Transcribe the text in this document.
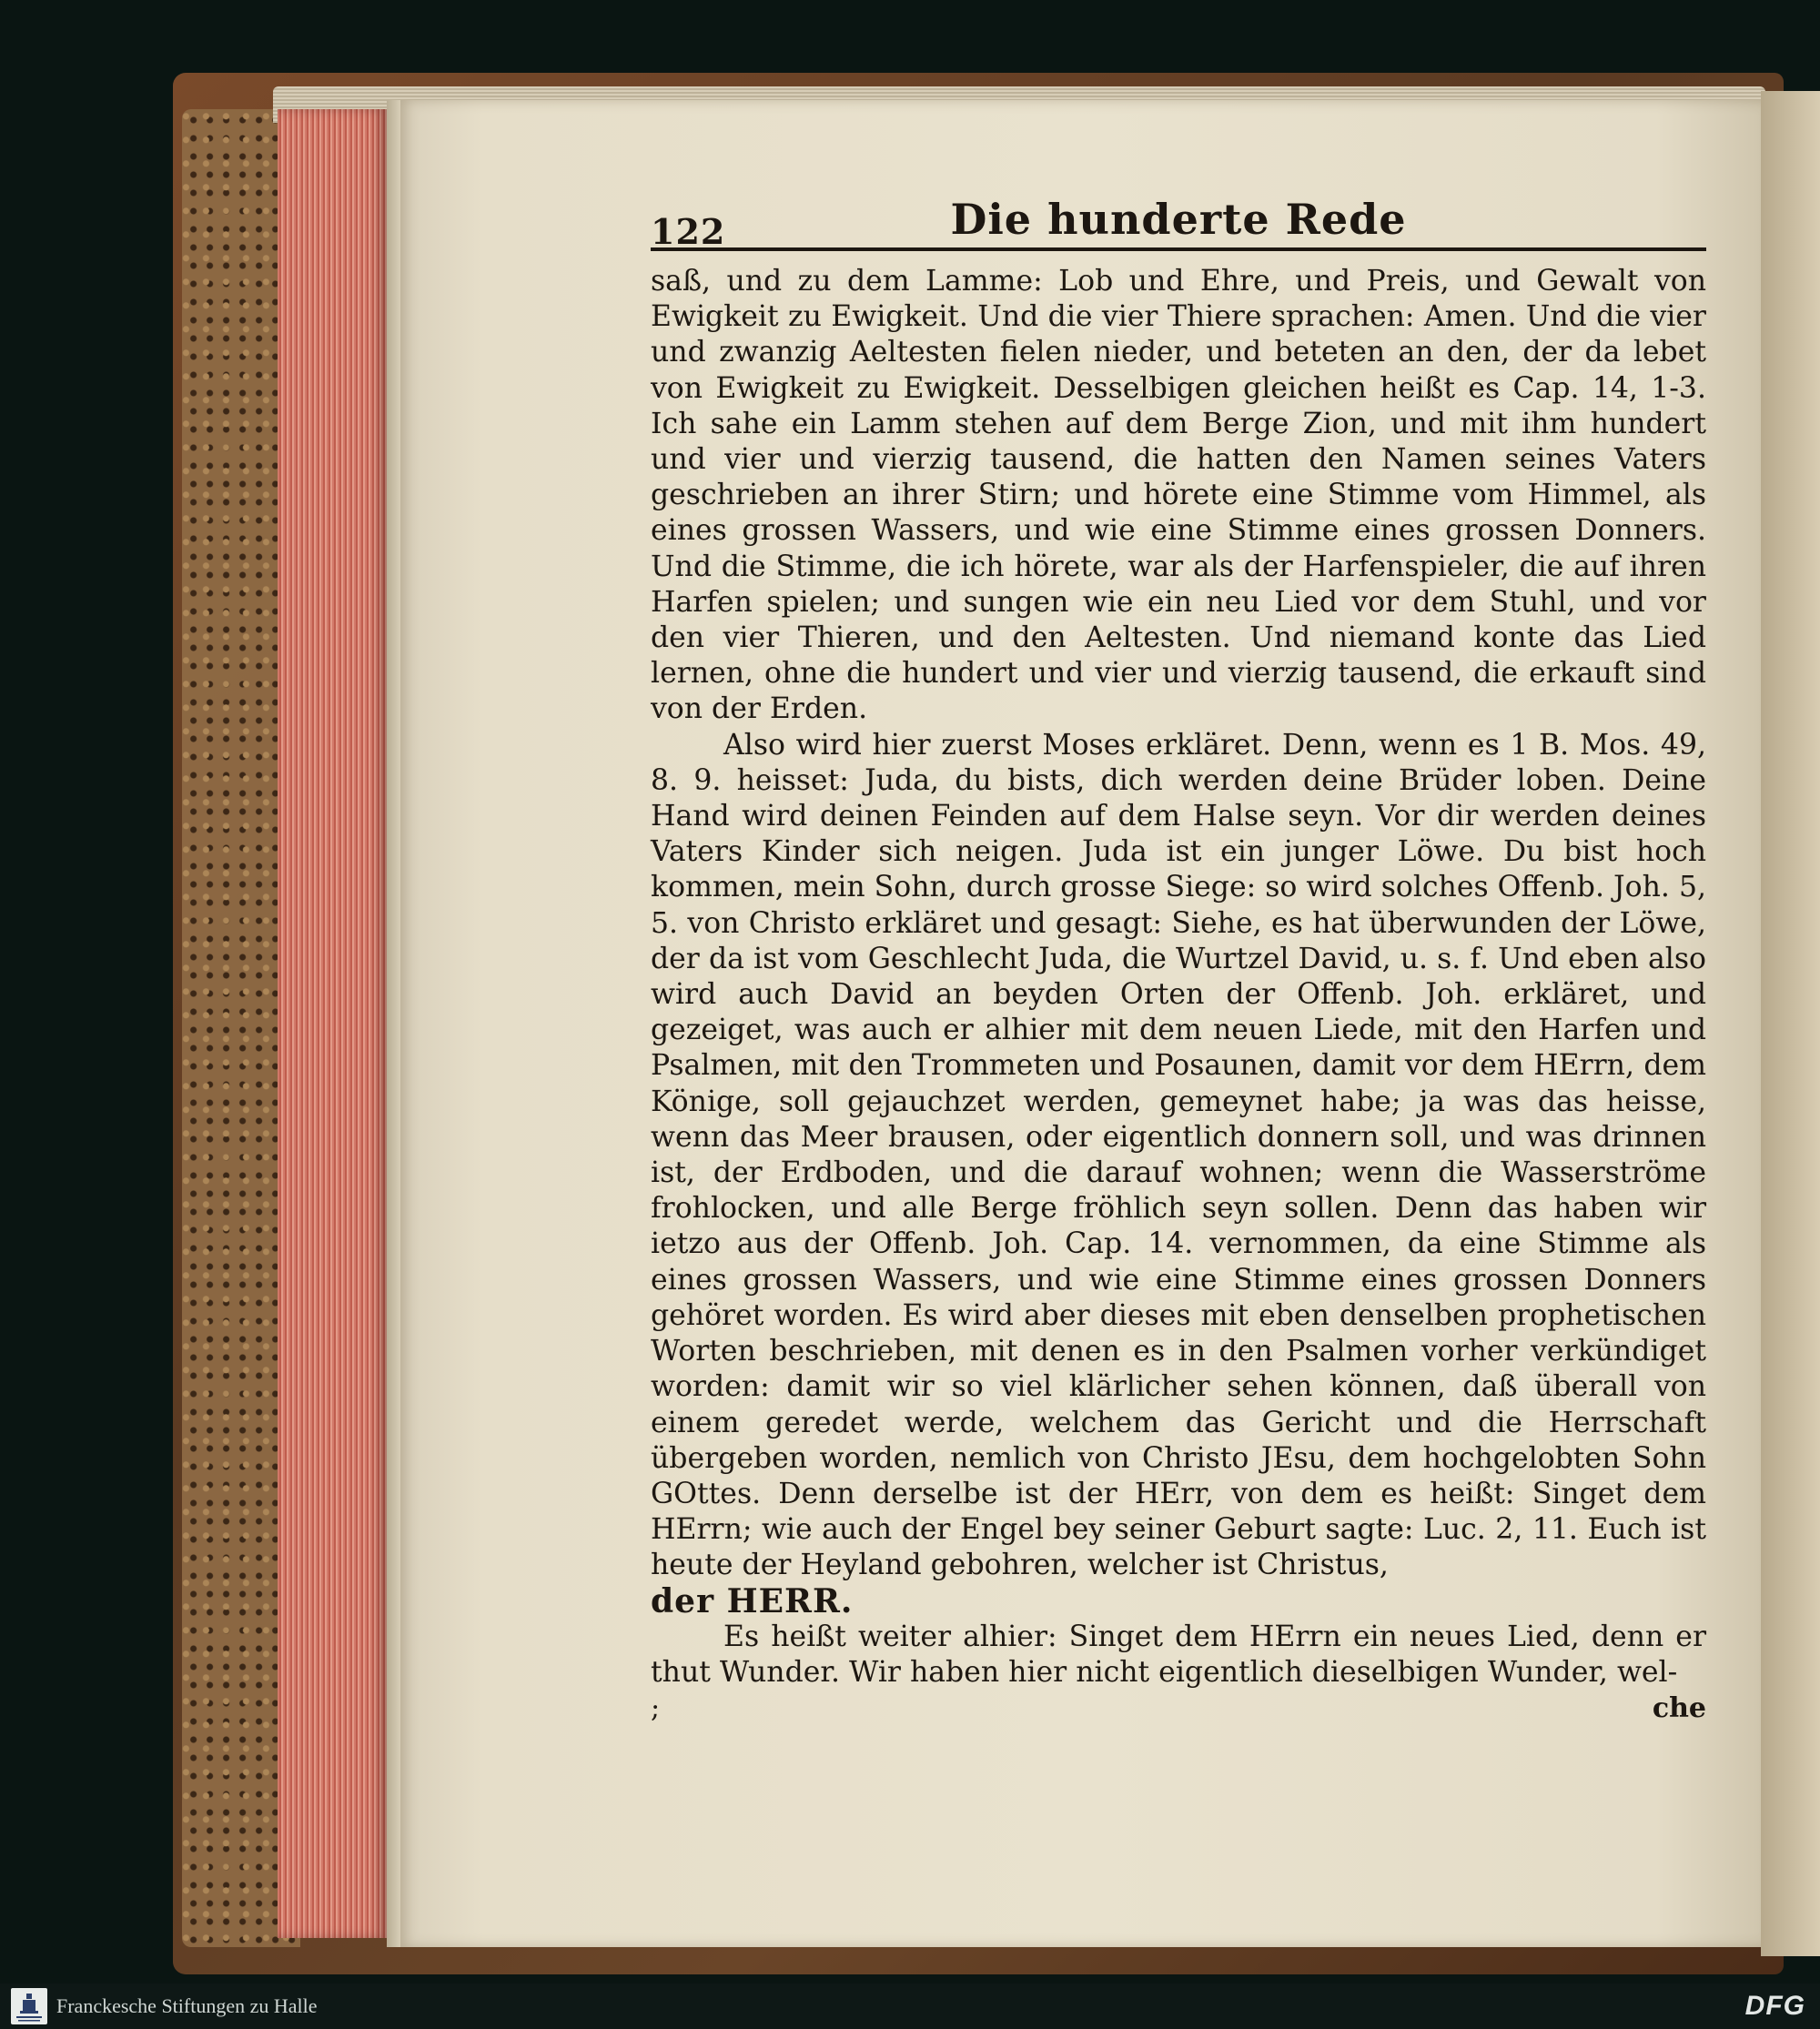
122	Die hunderte Rede

saß, und zu dem Lamme: Lob und Ehre, und Preis, und Gewalt von Ewigkeit zu Ewigkeit. Und die vier Thiere sprachen: Amen. Und die vier und zwanzig Aeltesten fielen nieder, und beteten an den, der da lebet von Ewigkeit zu Ewigkeit. Desselbigen gleichen heißt es Cap. 14, 1-3. Ich sahe ein Lamm stehen auf dem Berge Zion, und mit ihm hundert und vier und vierzig tausend, die hatten den Namen seines Vaters geschrieben an ihrer Stirn; und hörete eine Stimme vom Himmel, als eines grossen Wassers, und wie eine Stimme eines grossen Donners. Und die Stimme, die ich hörete, war als der Harfenspieler, die auf ihren Harfen spielen; und sungen wie ein neu Lied vor dem Stuhl, und vor den vier Thieren, und den Aeltesten. Und niemand konte das Lied lernen, ohne die hundert und vier und vierzig tausend, die erkauft sind von der Erden.

Also wird hier zuerst Moses erkläret. Denn, wenn es 1 B. Mos. 49, 8. 9. heisset: Juda, du bists, dich werden deine Brüder loben. Deine Hand wird deinen Feinden auf dem Halse seyn. Vor dir werden deines Vaters Kinder sich neigen. Juda ist ein junger Löwe. Du bist hoch kommen, mein Sohn, durch grosse Siege: so wird solches Offenb. Joh. 5, 5. von Christo erkläret und gesagt: Siehe, es hat überwunden der Löwe, der da ist vom Geschlecht Juda, die Wurtzel David, u. s. f. Und eben also wird auch David an beyden Orten der Offenb. Joh. erkläret, und gezeiget, was auch er alhier mit dem neuen Liede, mit den Harfen und Psalmen, mit den Trommeten und Posaunen, damit vor dem HErrn, dem Könige, soll gejauchzet werden, gemeynet habe; ja was das heisse, wenn das Meer brausen, oder eigentlich donnern soll, und was drinnen ist, der Erdboden, und die darauf wohnen; wenn die Wasserströme frohlocken, und alle Berge fröhlich seyn sollen. Denn das haben wir ietzo aus der Offenb. Joh. Cap. 14. vernommen, da eine Stimme als eines grossen Wassers, und wie eine Stimme eines grossen Donners gehöret worden. Es wird aber dieses mit eben denselben prophetischen Worten beschrieben, mit denen es in den Psalmen vorher verkündiget worden: damit wir so viel klärlicher sehen können, daß überall von einem geredet werde, welchem das Gericht und die Herrschaft übergeben worden, nemlich von Christo JEsu, dem hochgelobten Sohn GOttes. Denn derselbe ist der HErr, von dem es heißt: Singet dem HErrn; wie auch der Engel bey seiner Geburt sagte: Luc. 2, 11. Euch ist heute der Heyland gebohren, welcher ist Christus,

der HERR.

Es heißt weiter alhier: Singet dem HErrn ein neues Lied, denn er thut Wunder. Wir haben hier nicht eigentlich dieselbigen Wunder, wel-

;	che
Franckesche Stiftungen zu Halle	DFG
